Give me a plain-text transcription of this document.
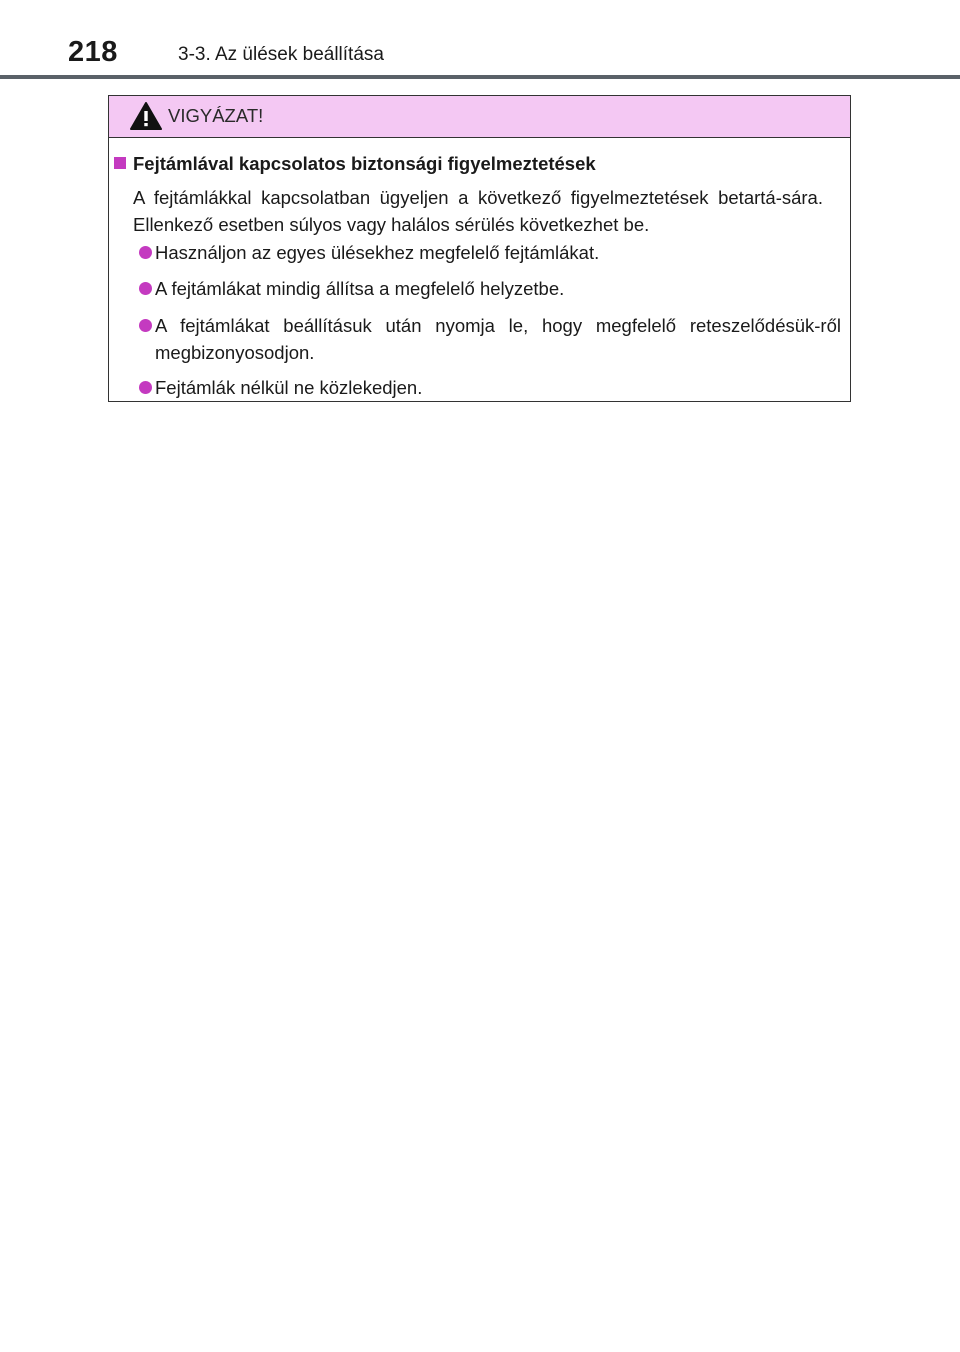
218	3-3. Az ülések beállítása
VIGYÁZAT!
Fejtámlával kapcsolatos biztonsági figyelmeztetések
A fejtámlákkal kapcsolatban ügyeljen a következő figyelmeztetések betartá-sára. Ellenkező esetben súlyos vagy halálos sérülés következhet be.
Használjon az egyes ülésekhez megfelelő fejtámlákat.
A fejtámlákat mindig állítsa a megfelelő helyzetbe.
A fejtámlákat beállításuk után nyomja le, hogy megfelelő reteszelődésük-ről megbizonyosodjon.
Fejtámlák nélkül ne közlekedjen.
